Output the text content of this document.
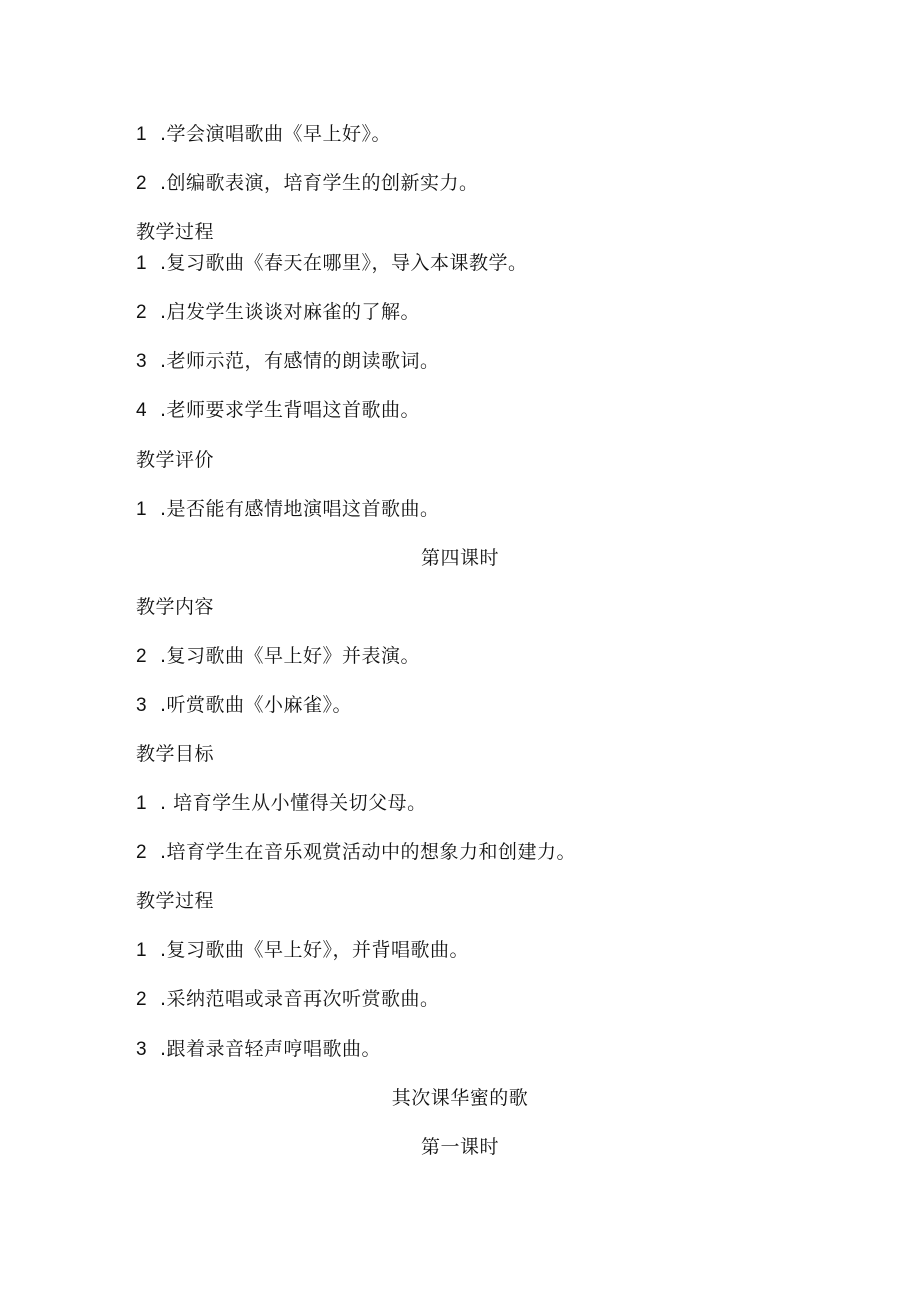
1 .学会演唱歌曲《早上好》。
2 .创编歌表演，培育学生的创新实力。
教学过程
1 .复习歌曲《春天在哪里》，导入本课教学。
2 .启发学生谈谈对麻雀的了解。
3 .老师示范，有感情的朗读歌词。
4 .老师要求学生背唱这首歌曲。
教学评价
1 .是否能有感情地演唱这首歌曲。
第四课时
教学内容
2 .复习歌曲《早上好》并表演。
3 .听赏歌曲《小麻雀》。
教学目标
1 . 培育学生从小懂得关切父母。
2 .培育学生在音乐观赏活动中的想象力和创建力。
教学过程
1 .复习歌曲《早上好》，并背唱歌曲。
2 .采纳范唱或录音再次听赏歌曲。
3 .跟着录音轻声哼唱歌曲。
其次课华蜜的歌
第一课时
